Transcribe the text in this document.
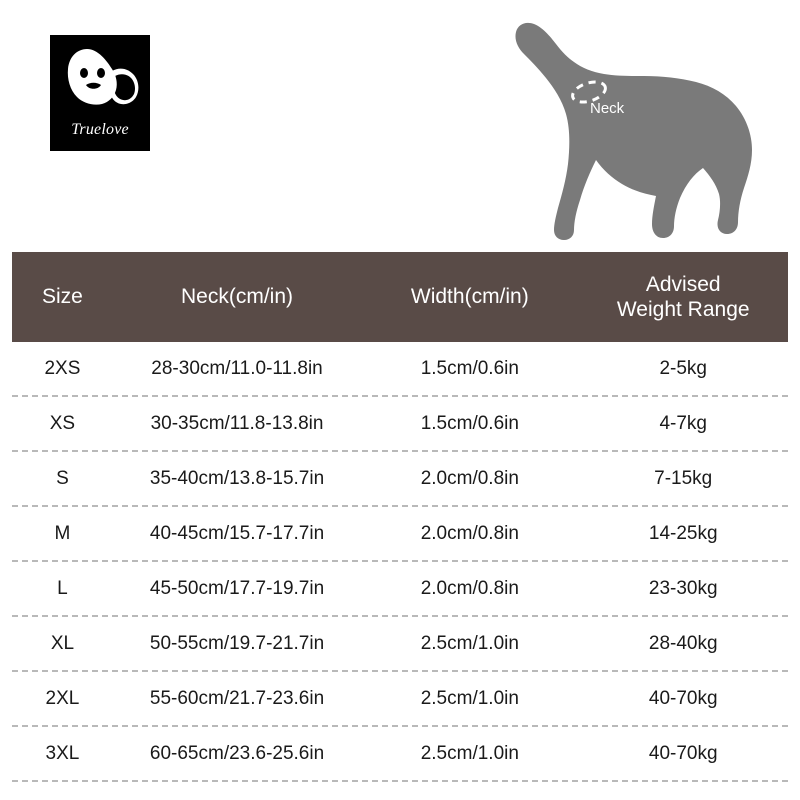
Truelove
Neck
Size	Neck(cm/in)	Width(cm/in)
Advised
Weight Range
2XS	28-30cm/11.0-11.8in	1.5cm/0.6in	2-5kg
XS	30-35cm/11.8-13.8in	1.5cm/0.6in	4-7kg
S	35-40cm/13.8-15.7in	2.0cm/0.8in	7-15kg
M	40-45cm/15.7-17.7in	2.0cm/0.8in	14-25kg
L	45-50cm/17.7-19.7in	2.0cm/0.8in	23-30kg
XL	50-55cm/19.7-21.7in	2.5cm/1.0in	28-40kg
2XL	55-60cm/21.7-23.6in	2.5cm/1.0in	40-70kg
3XL	60-65cm/23.6-25.6in	2.5cm/1.0in	40-70kg
